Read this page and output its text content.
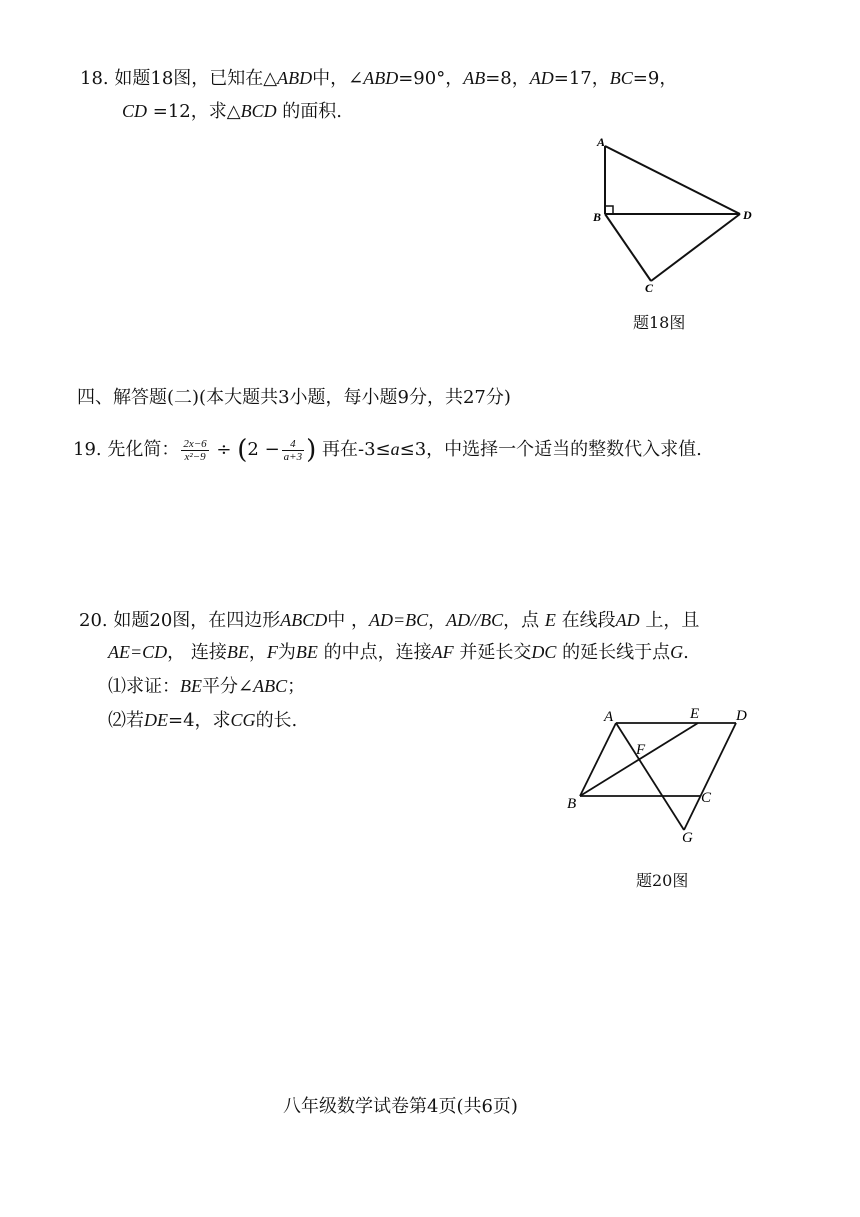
18. 如题18图，已知在△ABD中，∠ABD=90°，AB=8，AD=17，BC=9，
CD =12，求△BCD 的面积.
A
B
C
D
题18图
四、解答题(二)(本大题共3小题，每小题9分，共27分)
19. 先化简： $\frac{2x-6}{\text{x²−9}} \div (2 - \frac{4}{a+3}$ ) 再在-3≤a≤3，中选择一个适当的整数代入求值.
20. 如题20图，在四边形ABCD中 ，AD=BC，AD//BC，点 E 在线段AD 上，且
AE=CD， 连接BE，F为BE 的中点，连接AF 并延长交DC 的延长线于点G.
⑴求证：BE平分∠ABC；
⑵若DE=4，求CG的长.	A	E D
F
B	C
G
题20图
八年级数学试卷第4页(共6页)
